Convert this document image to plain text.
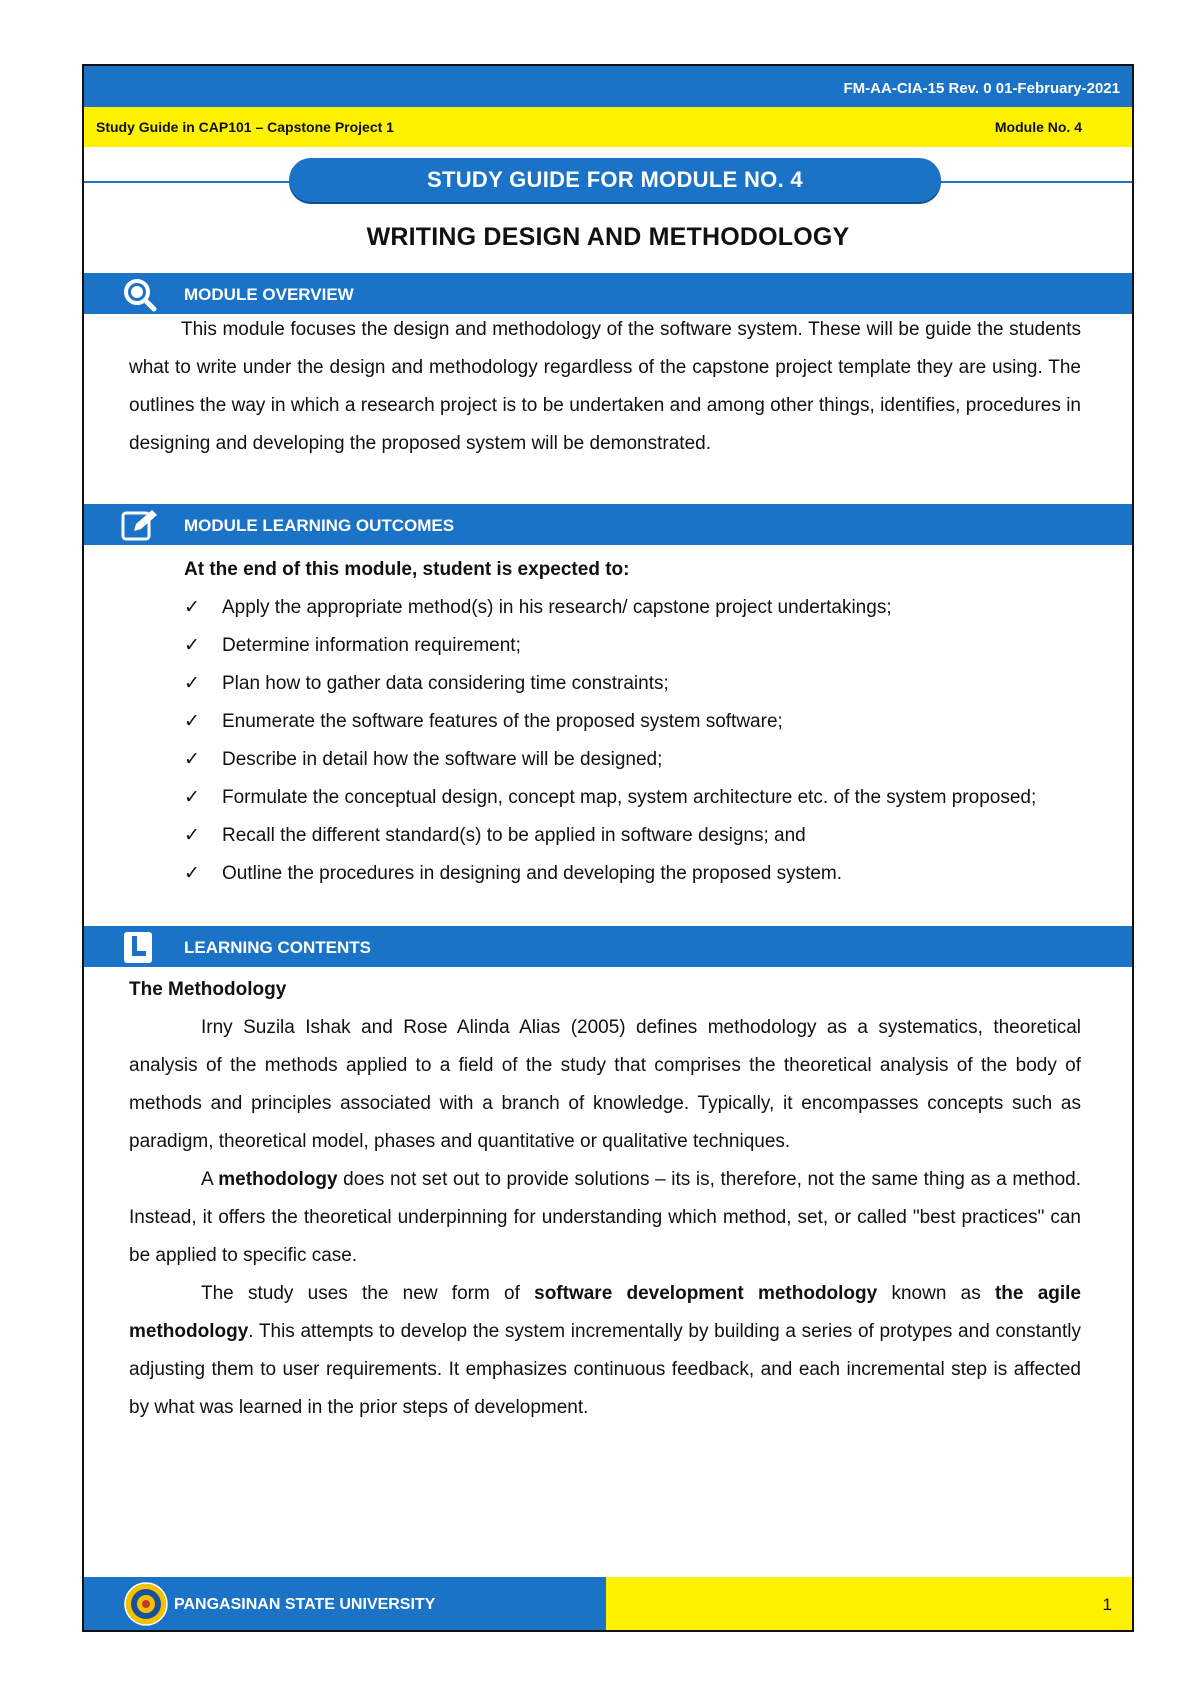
FM-AA-CIA-15 Rev. 0 01-February-2021
Study Guide in CAP101 – Capstone Project 1	Module No. 4
STUDY GUIDE FOR MODULE NO. 4
WRITING DESIGN AND METHODOLOGY
MODULE OVERVIEW

This module focuses the design and methodology of the software system. These will be guide the students what to write under the design and methodology regardless of the capstone project template they are using. The outlines the way in which a research project is to be undertaken and among other things, identifies, procedures in designing and developing the proposed system will be demonstrated.

MODULE LEARNING OUTCOMES
At the end of this module, student is expected to:
✓ Apply the appropriate method(s) in his research/ capstone project undertakings;
✓ Determine information requirement;
✓ Plan how to gather data considering time constraints;
✓ Enumerate the software features of the proposed system software;
✓ Describe in detail how the software will be designed;
✓ Formulate the conceptual design, concept map, system architecture etc. of the system proposed;
✓ Recall the different standard(s) to be applied in software designs; and
✓ Outline the procedures in designing and developing the proposed system.
LEARNING CONTENTS

The Methodology

Irny Suzila Ishak and Rose Alinda Alias (2005) defines methodology as a systematics, theoretical analysis of the methods applied to a field of the study that comprises the theoretical analysis of the body of methods and principles associated with a branch of knowledge. Typically, it encompasses concepts such as paradigm, theoretical model, phases and quantitative or qualitative techniques.

A methodology does not set out to provide solutions – its is, therefore, not the same thing as a method. Instead, it offers the theoretical underpinning for understanding which method, set, or called "best practices" can be applied to specific case.

The study uses the new form of software development methodology known as the agile methodology. This attempts to develop the system incrementally by building a series of protypes and constantly adjusting them to user requirements. It emphasizes continuous feedback, and each incremental step is affected by what was learned in the prior steps of development.

PANGASINAN STATE UNIVERSITY	1
